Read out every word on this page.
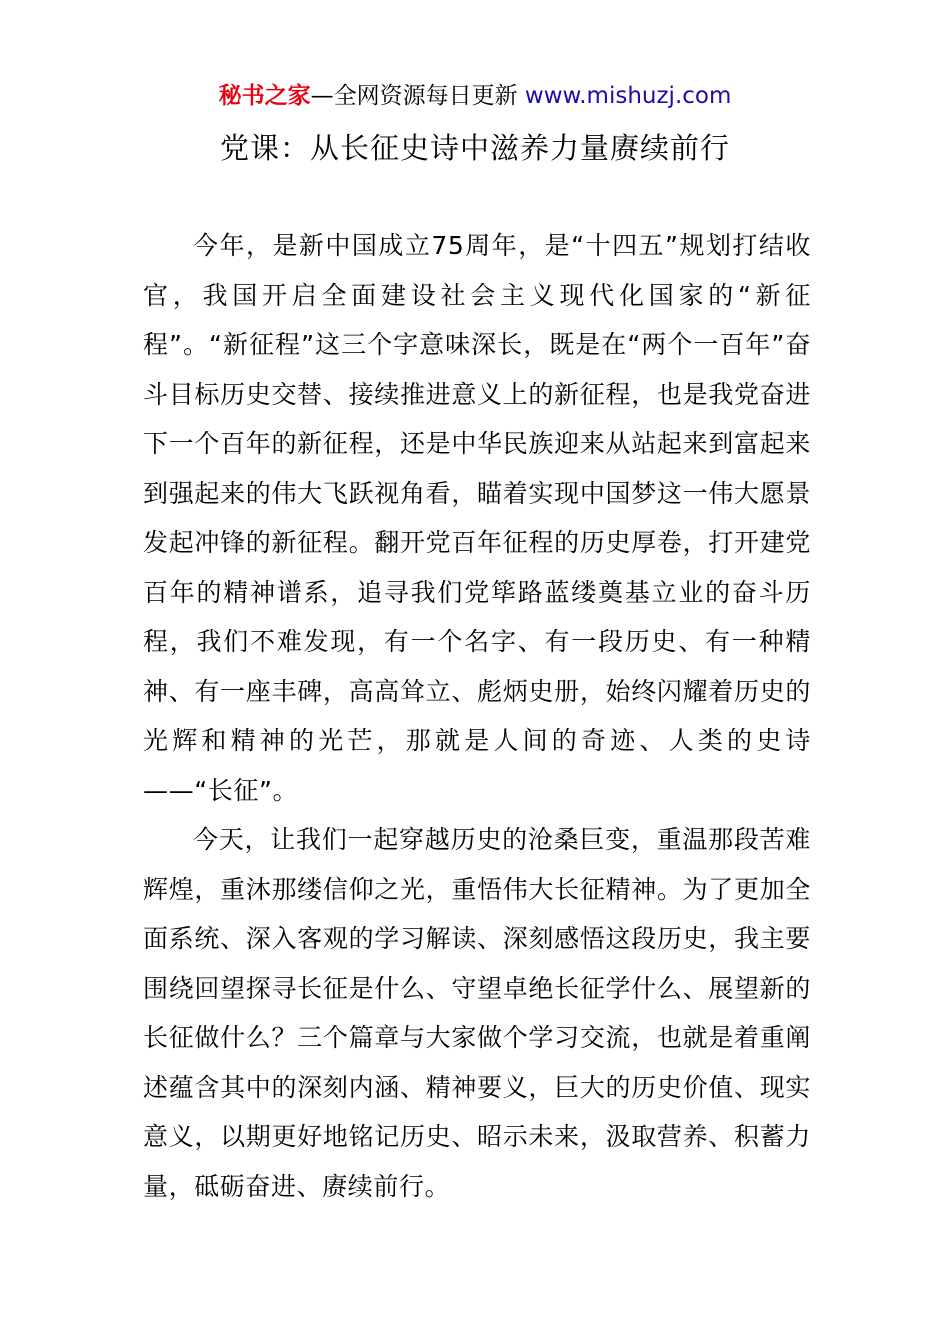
秘书之家—全网资源每日更新 www.mishuzj.com
党课：从长征史诗中滋养力量赓续前行

今年，是新中国成立75周年，是“十四五”规划打结收官，我国开启全面建设社会主义现代化国家的“新征程”。“新征程”这三个字意味深长，既是在“两个一百年”奋斗目标历史交替、接续推进意义上的新征程，也是我党奋进下一个百年的新征程，还是中华民族迎来从站起来到富起来到强起来的伟大飞跃视角看，瞄着实现中国梦这一伟大愿景发起冲锋的新征程。翻开党百年征程的历史厚卷，打开建党百年的精神谱系，追寻我们党筚路蓝缕奠基立业的奋斗历程，我们不难发现，有一个名字、有一段历史、有一种精神、有一座丰碑，高高耸立、彪炳史册，始终闪耀着历史的光辉和精神的光芒，那就是人间的奇迹、人类的史诗——“长征”。

今天，让我们一起穿越历史的沧桑巨变，重温那段苦难辉煌，重沐那缕信仰之光，重悟伟大长征精神。为了更加全面系统、深入客观的学习解读、深刻感悟这段历史，我主要围绕回望探寻长征是什么、守望卓绝长征学什么、展望新的长征做什么？三个篇章与大家做个学习交流，也就是着重阐述蕴含其中的深刻内涵、精神要义，巨大的历史价值、现实意义，以期更好地铭记历史、昭示未来，汲取营养、积蓄力量，砥砺奋进、赓续前行。
